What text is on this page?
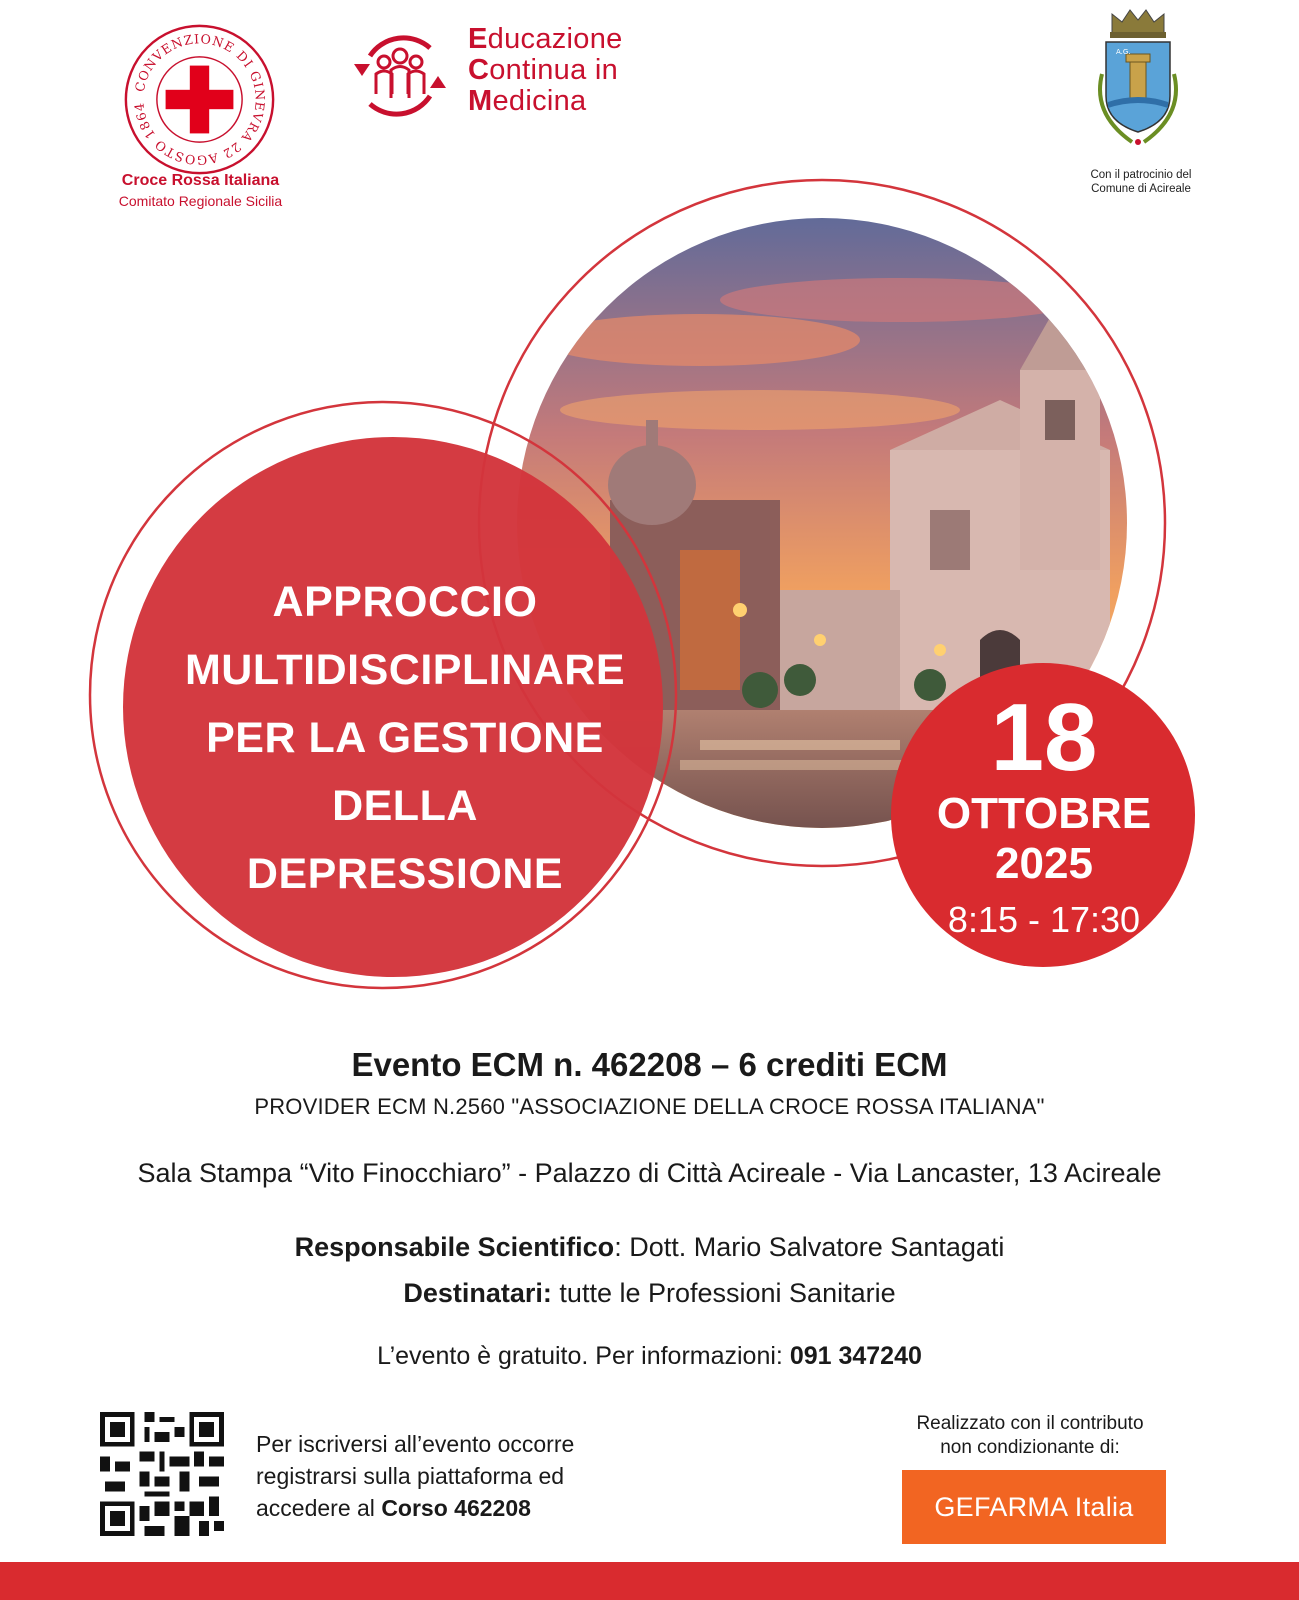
CONVENZIONE DI GINEVRA 22 AGOSTO 1864
Croce Rossa Italiana
Comitato Regionale Sicilia
Educazione
Continua in
Medicina
A.G.
Con il patrocinio del
Comune di Acireale
APPROCCIO
MULTIDISCIPLINARE
PER LA GESTIONE
DELLA
DEPRESSIONE
18
OTTOBRE
2025
8:15 - 17:30
Evento ECM n. 462208 – 6 crediti ECM
PROVIDER ECM N.2560 "ASSOCIAZIONE DELLA CROCE ROSSA ITALIANA"
Sala Stampa “Vito Finocchiaro” - Palazzo di Città Acireale - Via Lancaster, 13 Acireale
Responsabile Scientifico: Dott. Mario Salvatore Santagati
Destinatari: tutte le Professioni Sanitarie
L’evento è gratuito. Per informazioni: 091 347240
Per iscriversi all’evento occorre
registrarsi sulla piattaforma ed
accedere al Corso 462208
Realizzato con il contributo
non condizionante di:
GEFARMA Italia
